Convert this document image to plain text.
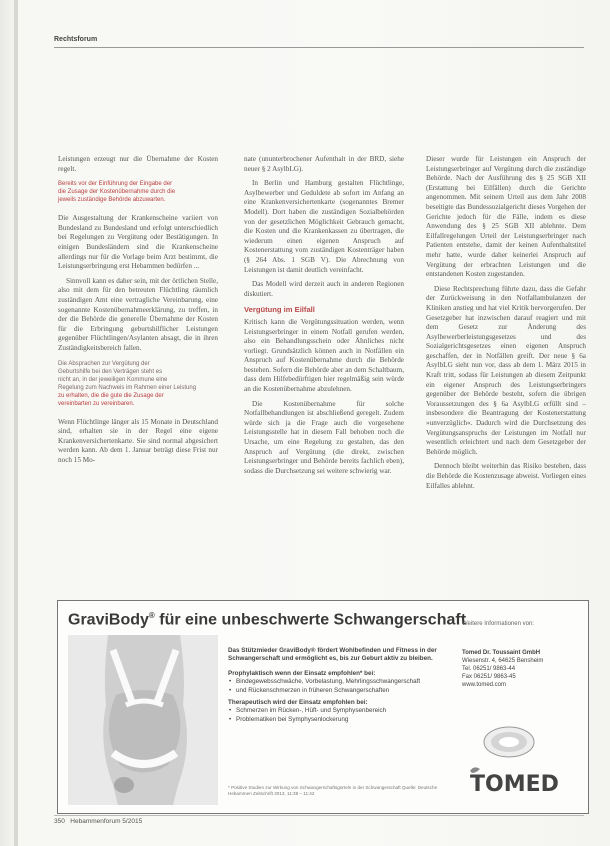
Rechtsforum

Leistungen erzeugt nur die Übernahme der Kosten regelt.

Bereits vor der Einführung der Eingabe der
die Zusage der Kostenübernahme durch die
jeweils zuständige Behörde abzuwarten.

Die Ausgestaltung der Krankenscheine variiert von Bundesland zu Bundesland und erfolgt unterschiedlich bei Regelungen zu Vergütung oder Bestätigungen. In einigen Bundesländern sind die Krankenscheine allerdings nur für die Vorlage beim Arzt bestimmt, die Leistungserbringung erst Hebammen bedürfen ...

Sinnvoll kann es daher sein, mit der örtlichen Stelle, also mit dem für den betreuten Flüchtling räumlich zuständigen Amt eine vertragliche Vereinbarung, eine sogenannte Kostenübernahmeerklärung, zu treffen, in der die Behörde die generelle Übernahme der Kosten für die Erbringung geburtshilflicher Leistungen gegenüber Flüchtlingen/Asylanten absagt, die in ihren Zuständigkeitsbereich fallen.

Die Absprachen zur Vergütung der
Geburtshilfe bei den Verträgen steht es
nicht an, in der jeweiligen Kommune eine
Regelung zum Nachweis im Rahmen einer Leistung
zu erhalten, die die gute die Zusage der
vereinbarten zu vereinbaren.

Wenn Flüchtlinge länger als 15 Monate in Deutschland sind, erhalten sie in der Regel eine eigene Krankenversichertenkarte. Sie sind normal abgesichert werden kann. Ab dem 1. Januar beträgt diese Frist nur noch 15 Mo-

nate (ununterbrochener Aufenthalt in der BRD, siehe neuer § 2 AsylbLG).

In Berlin und Hamburg gestalten Flüchtlinge, Asylbewerber und Geduldete ab sofort im Anfang an eine Krankenversichertenkarte (sogenanntes Bremer Modell). Dort haben die zuständigen Sozialbehörden von der gesetzlichen Möglichkeit Gebrauch gemacht, die Kosten und die Krankenkassen zu übertragen, die wiederum einen eigenen Anspruch auf Kostenerstattung vom zuständigen Kostenträger haben (§ 264 Abs. 1 SGB V). Die Abrechnung von Leistungen ist damit deutlich vereinfacht.

Das Modell wird derzeit auch in anderen Regionen diskutiert.

Vergütung im Eilfall

Kritisch kann die Vergütungssituation werden, wenn Leistungserbringer in einem Notfall gerufen werden, also ein Behandlungsschein oder Ähnliches nicht vorliegt. Grundsätzlich können auch in Notfällen ein Anspruch auf Kostenübernahme durch die Behörde bestehen. Sofern die Behörde aber an dem Schaltbaum, dass dem Hilfebedürftigen hier regelmäßig sein würde an die Kostenübernahme abzulehnen.

Die Kostenübernahme für solche Notfallbehandlungen ist abschließend geregelt. Zudem würde sich ja die Frage auch die vorgesehene Leistungsstelle hat in diesem Fall behoben noch die Ursache, um eine Regelung zu gestalten, das den Anspruch auf Vergütung (die direkt, zwischen Leistungserbringer und Behörde bereits fachlich eben), sodass die Durchsetzung sei weitere schwierig war.

Dieser wurde für Leistungen ein Anspruch der Leistungserbringer auf Vergütung durch die zuständige Behörde. Nach der Ausführung des § 25 SGB XII (Erstattung bei Eilfällen) durch die Gerichte angenommen. Mit seinem Urteil aus dem Jahr 2008 beseitigte das Bundessozialgericht dieses Vorgehen der Gerichte jedoch für die Fälle, indem es diese Anwendung des § 25 SGB XII ablehnte. Dem Eilfallregelungen Urteil der Leistungserbringer nach Patienten entstehe, damit der keinen Aufenthaltstitel mehr hatte, wurde daher keinerlei Anspruch auf Vergütung der erbrachten Leistungen und die entstandenen Kosten zugestanden.

Diese Rechtsprechung führte dazu, dass die Gefahr der Zurückweisung in den Notfallambulanzen der Kliniken anstieg und hat viel Kritik hervorgerufen. Der Gesetzgeber hat inzwischen darauf reagiert und mit dem Gesetz zur Änderung des Asylbewerberleistungsgesetzes und des Sozialgerichtsgesetzes einen eigenen Anspruch geschaffen, der in Notfällen greift. Der neue § 6a AsylbLG sieht nun vor, dass ab dem 1. März 2015 in Kraft tritt, sodass für Leistungen ab diesem Zeitpunkt ein eigener Anspruch des Leistungserbringers gegenüber der Behörde besteht, sofern die übrigen Voraussetzungen des § 6a AsylbLG erfüllt sind – insbesondere die Beantragung der Kostenerstattung »unverzüglich«. Dadurch wird die Durchsetzung des Vergütungsanspruchs der Leistungen im Notfall nur wesentlich erleichtert und nach dem Gesetzgeber der Behörde möglich.

Dennoch bleibt weiterhin das Risiko bestehen, dass die Behörde die Kostenzusage abweist. Vorliegen eines Eilfalles ablehnt.

GraviBody® für eine unbeschwerte Schwangerschaft
Weitere Informationen von:
Das Stützmieder GraviBody® fördert Wohlbefinden und Fitness in der Schwangerschaft und ermöglicht es, bis zur Geburt aktiv zu bleiben.
Prophylaktisch wenn der Einsatz empfohlen* bei:
• Bindegewebsschwäche, Vorbelastung, Mehrlingsschwangerschaft
• und Rückenschmerzen in früheren Schwangerschaften
Therapeutisch wird der Einsatz empfohlen bei:
• Schmerzen im Rücken-, Hüft- und Symphysenbereich
• Problematiken bei Symphysenlockerung
* Positive Studien zur Wirkung von Schwangerschaftsgürteln in der Schwangerschaft Quelle: Deutsche Hebammen Zeitschrift 2013, 11:38 – 11:42
Tomed Dr. Toussaint GmbH
Wiesenstr. 4, 64625 Bensheim
Tel. 06251/ 9863-44
Fax 06251/ 9863-45
www.tomed.com
TOMED
350 Hebammenforum 5/2015
